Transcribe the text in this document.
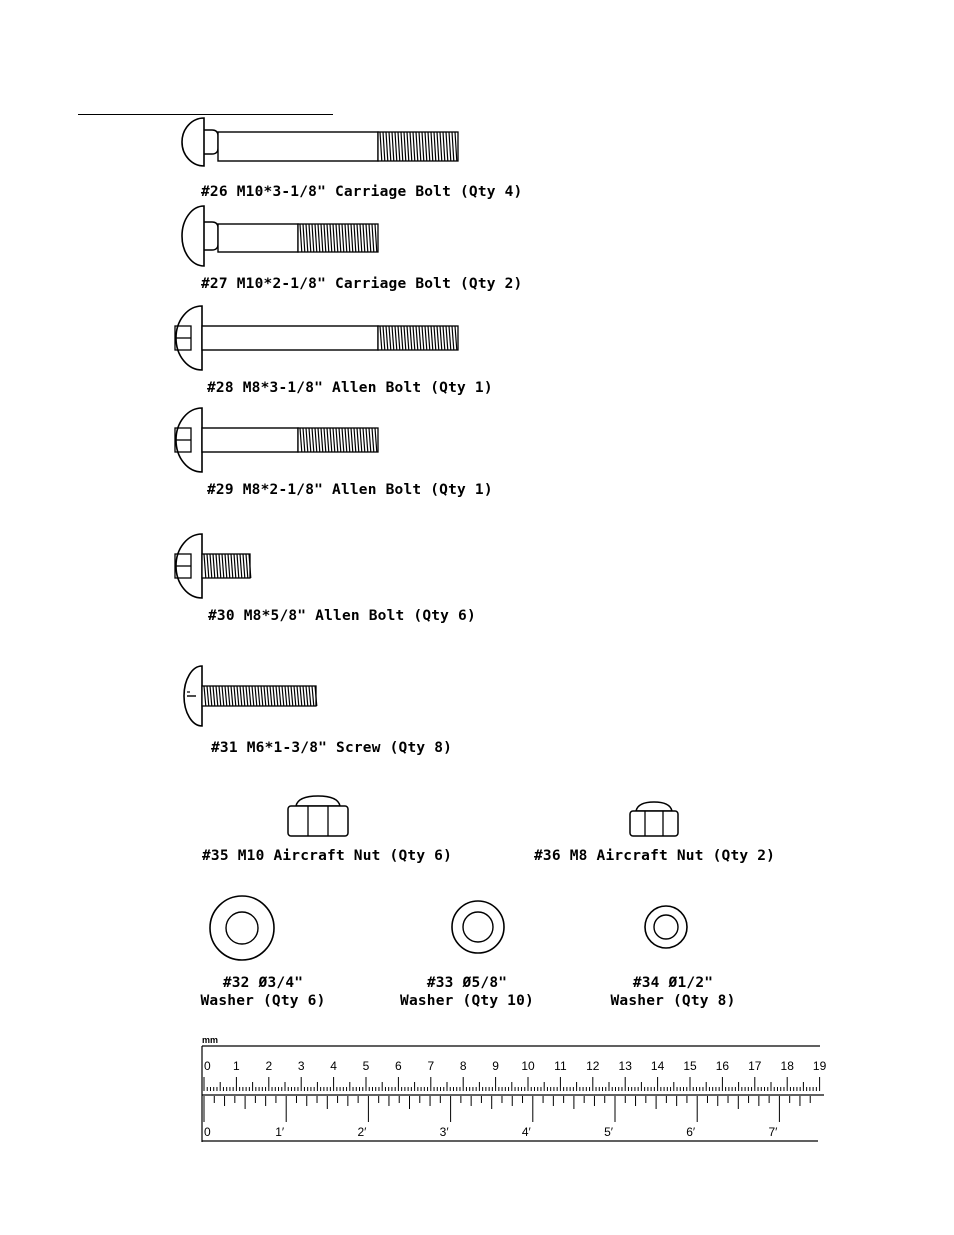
#26 M10*3-1/8" Carriage Bolt (Qty 4)
#27 M10*2-1/8" Carriage Bolt (Qty 2)
#28 M8*3-1/8" Allen Bolt (Qty 1)
#29 M8*2-1/8" Allen Bolt (Qty 1)
#30 M8*5/8" Allen Bolt (Qty 6)
#31 M6*1-3/8" Screw (Qty 8)
#35 M10 Aircraft Nut (Qty 6)	#36 M8 Aircraft Nut (Qty 2)
#32 Ø3/4"
Washer (Qty 6)
#33 Ø5/8"
Washer (Qty 10)
#34 Ø1/2"
Washer (Qty 8)
mm
0 1 2 3 4 5 6 7 8 9 10 11 12 13 14 15 16 17 18 19
0	1′	2′	3′	4′	5′	6′	7′
